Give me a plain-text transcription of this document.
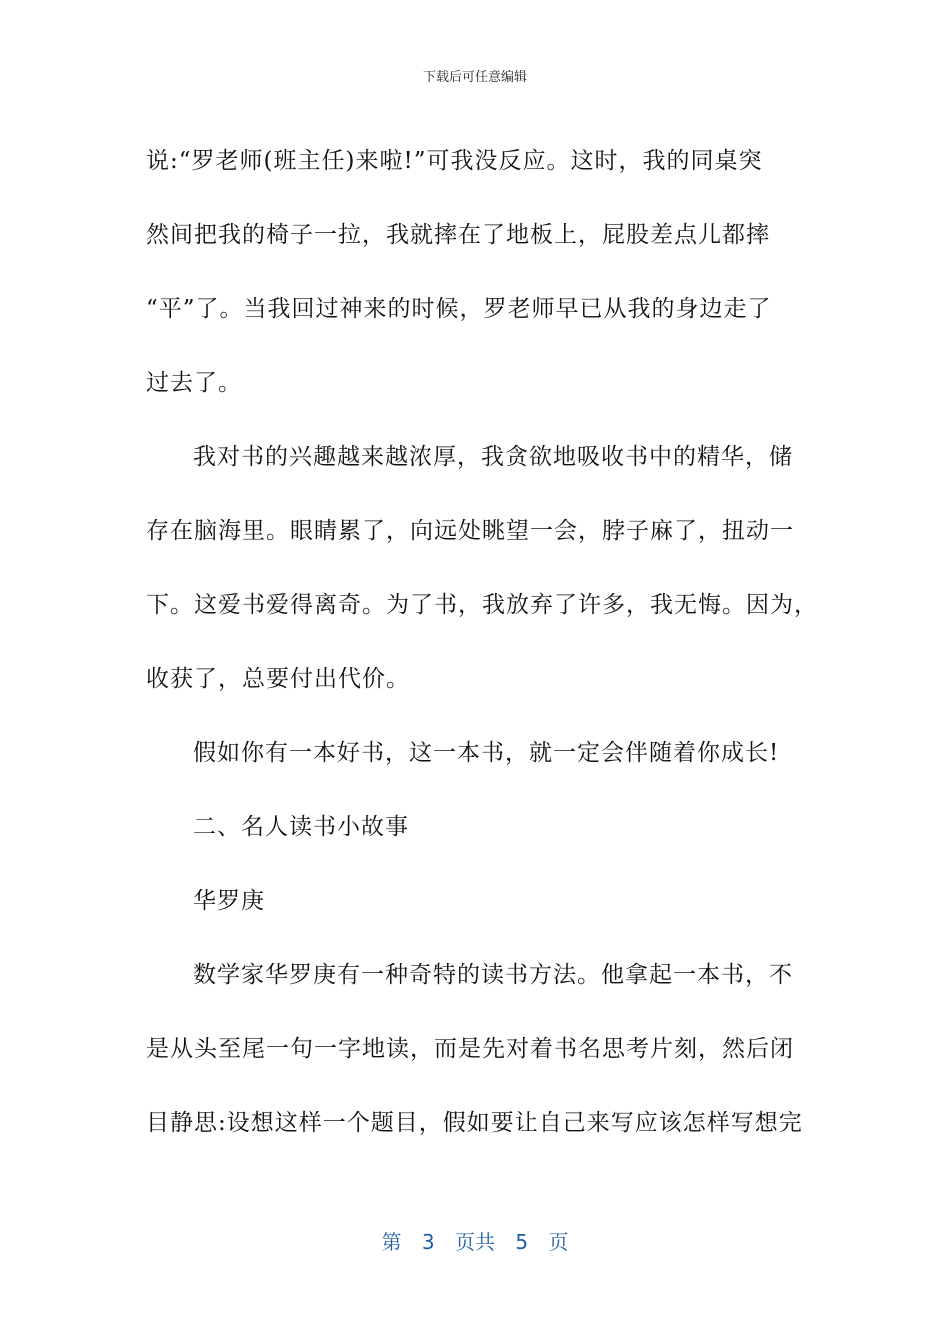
下载后可任意编辑
说:“罗老师(班主任)来啦!”可我没反应。这时，我的同桌突
然间把我的椅子一拉，我就摔在了地板上，屁股差点儿都摔
“平”了。当我回过神来的时候，罗老师早已从我的身边走了
过去了。
我对书的兴趣越来越浓厚，我贪欲地吸收书中的精华，储
存在脑海里。眼睛累了，向远处眺望一会，脖子麻了，扭动一
下。这爱书爱得离奇。为了书，我放弃了许多，我无悔。因为，
收获了，总要付出代价。
假如你有一本好书，这一本书，就一定会伴随着你成长!
二、名人读书小故事
华罗庚
数学家华罗庚有一种奇特的读书方法。他拿起一本书，不
是从头至尾一句一字地读，而是先对着书名思考片刻，然后闭
目静思:设想这样一个题目，假如要让自己来写应该怎样写想完
第 3 页共 5 页
